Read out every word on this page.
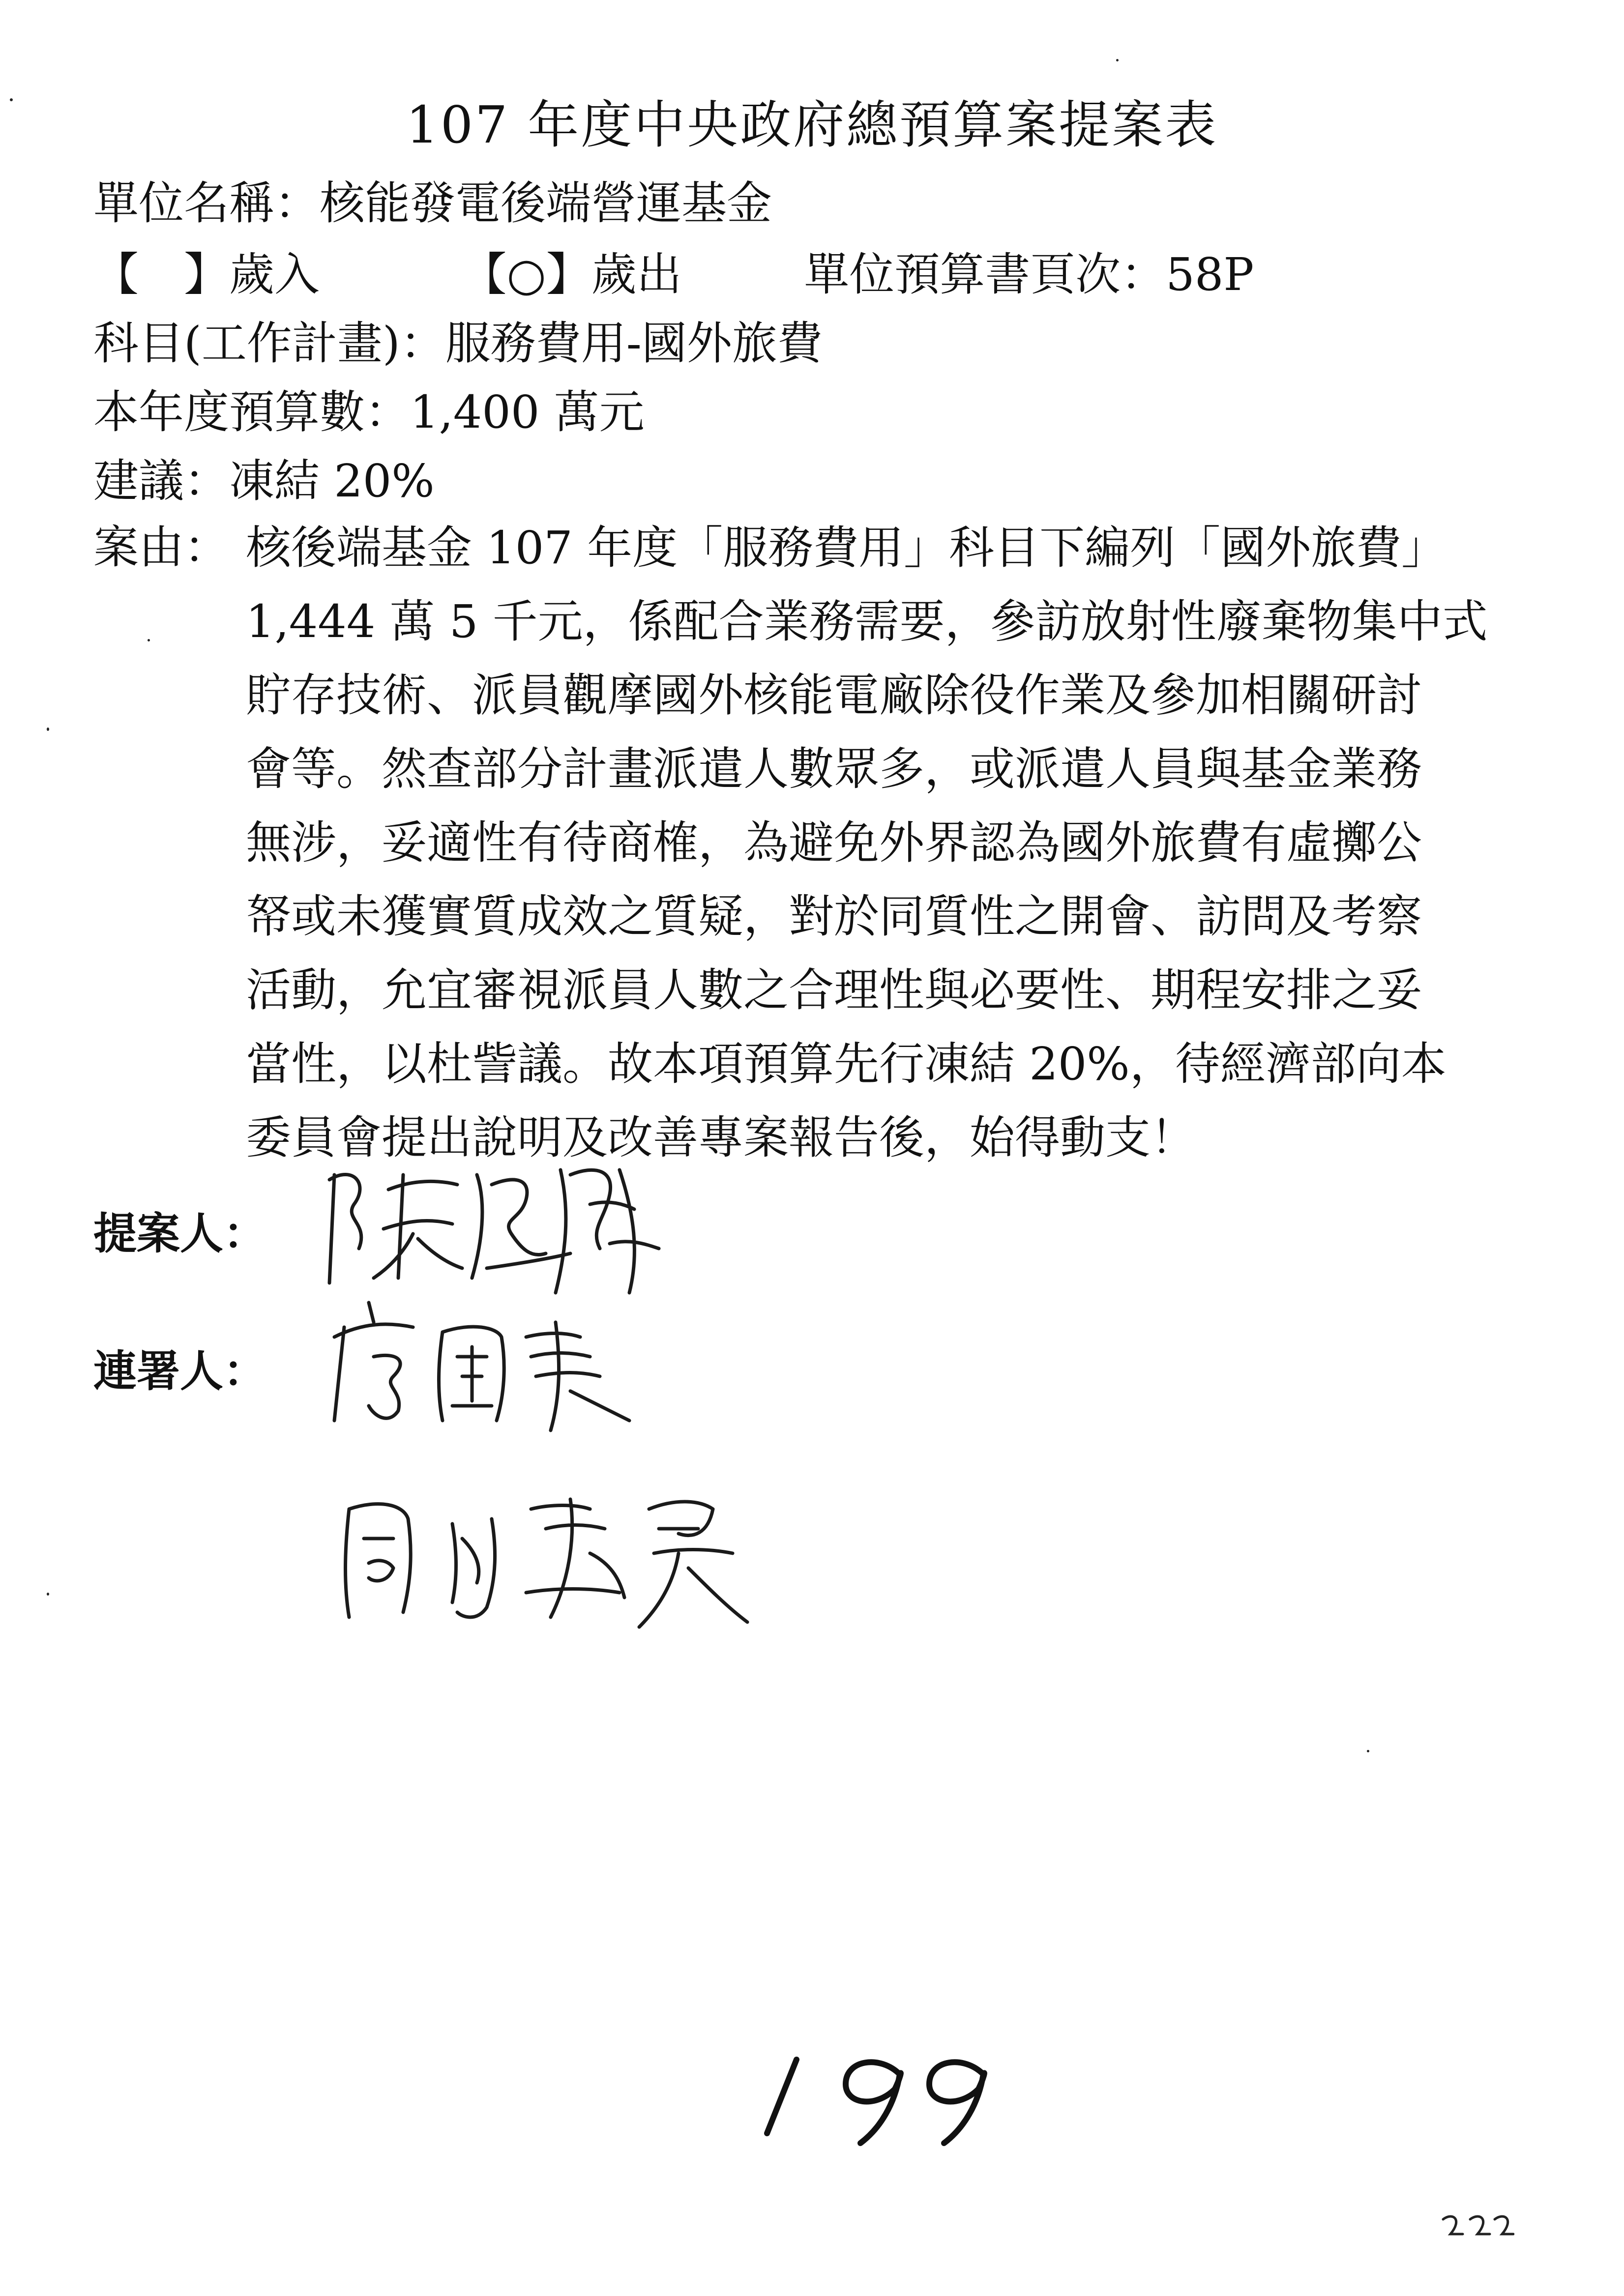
107 年度中央政府總預算案提案表
單位名稱：核能發電後端營運基金
【　】歲入	【○】歲出	單位預算書頁次：58P
科目(工作計畫)：服務費用-國外旅費
本年度預算數：1,400 萬元
建議：凍結 20%
案由： 核後端基金 107 年度「服務費用」科目下編列「國外旅費」
1,444 萬 5 千元，係配合業務需要，參訪放射性廢棄物集中式
貯存技術、派員觀摩國外核能電廠除役作業及參加相關研討
會等。然查部分計畫派遣人數眾多，或派遣人員與基金業務
無涉，妥適性有待商榷，為避免外界認為國外旅費有虛擲公
帑或未獲實質成效之質疑，對於同質性之開會、訪問及考察
活動，允宜審視派員人數之合理性與必要性、期程安排之妥
當性，以杜訾議。故本項預算先行凍結 20%，待經濟部向本
委員會提出說明及改善專案報告後，始得動支！
提案人：
連署人：
